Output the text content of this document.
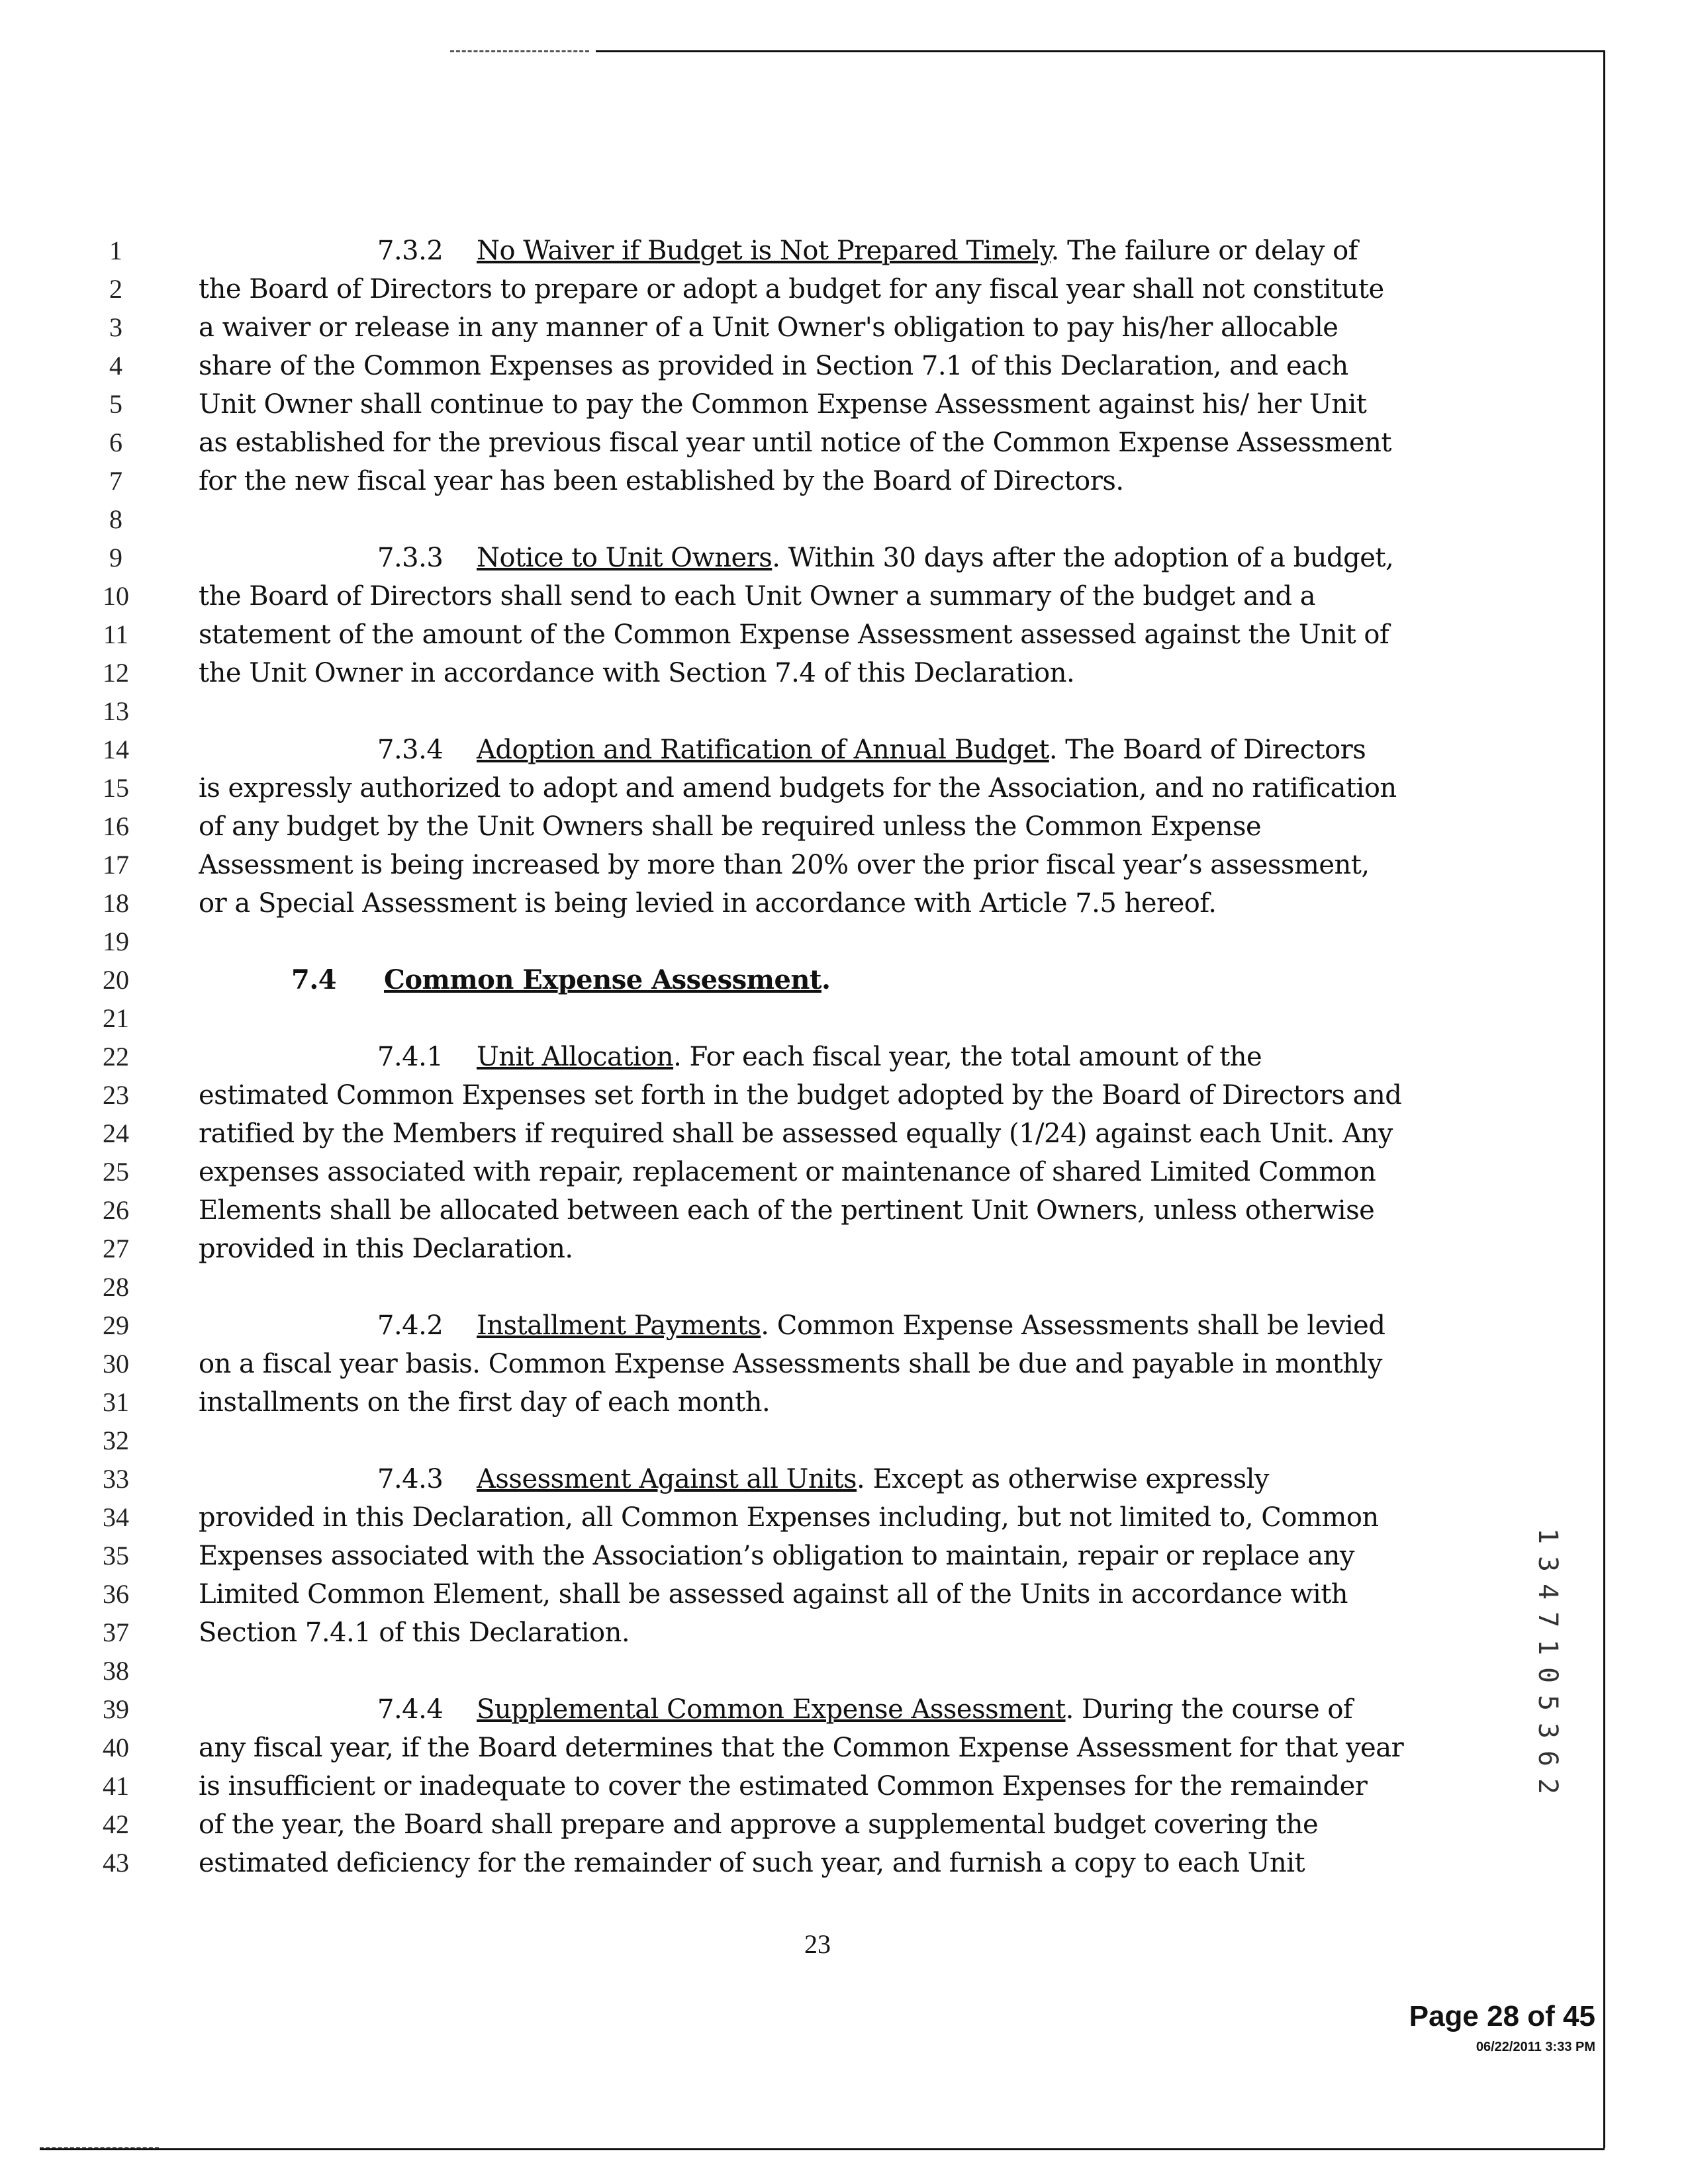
1
2
3
4
5
6
7
8
9
10
11
12
13
14
15
16
17
18
19
20
21
22
23
24
25
26
27
28
29
30
31
32
33
34
35
36
37
38
39
40
41
42
43
7.3.2 No Waiver if Budget is Not Prepared Timely. The failure or delay of
the Board of Directors to prepare or adopt a budget for any fiscal year shall not constitute
a waiver or release in any manner of a Unit Owner's obligation to pay his/her allocable
share of the Common Expenses as provided in Section 7.1 of this Declaration, and each
Unit Owner shall continue to pay the Common Expense Assessment against his/ her Unit
as established for the previous fiscal year until notice of the Common Expense Assessment
for the new fiscal year has been established by the Board of Directors.
7.3.3 Notice to Unit Owners. Within 30 days after the adoption of a budget,
the Board of Directors shall send to each Unit Owner a summary of the budget and a
statement of the amount of the Common Expense Assessment assessed against the Unit of
the Unit Owner in accordance with Section 7.4 of this Declaration.
7.3.4 Adoption and Ratification of Annual Budget. The Board of Directors
is expressly authorized to adopt and amend budgets for the Association, and no ratification
of any budget by the Unit Owners shall be required unless the Common Expense
Assessment is being increased by more than 20% over the prior fiscal year’s assessment,
or a Special Assessment is being levied in accordance with Article 7.5 hereof.
7.4 Common Expense Assessment.
7.4.1 Unit Allocation. For each fiscal year, the total amount of the
estimated Common Expenses set forth in the budget adopted by the Board of Directors and
ratified by the Members if required shall be assessed equally (1/24) against each Unit. Any
expenses associated with repair, replacement or maintenance of shared Limited Common
Elements shall be allocated between each of the pertinent Unit Owners, unless otherwise
provided in this Declaration.
7.4.2 Installment Payments. Common Expense Assessments shall be levied
on a fiscal year basis. Common Expense Assessments shall be due and payable in monthly
installments on the first day of each month.
7.4.3 Assessment Against all Units. Except as otherwise expressly
provided in this Declaration, all Common Expenses including, but not limited to, Common
Expenses associated with the Association’s obligation to maintain, repair or replace any
Limited Common Element, shall be assessed against all of the Units in accordance with
Section 7.4.1 of this Declaration.
7.4.4 Supplemental Common Expense Assessment. During the course of
any fiscal year, if the Board determines that the Common Expense Assessment for that year
is insufficient or inadequate to cover the estimated Common Expenses for the remainder
of the year, the Board shall prepare and approve a supplemental budget covering the
estimated deficiency for the remainder of such year, and furnish a copy to each Unit
23
Page 28 of 45
06/22/2011 3:33 PM
1
3
4
7
1
0
5
3
6
2
